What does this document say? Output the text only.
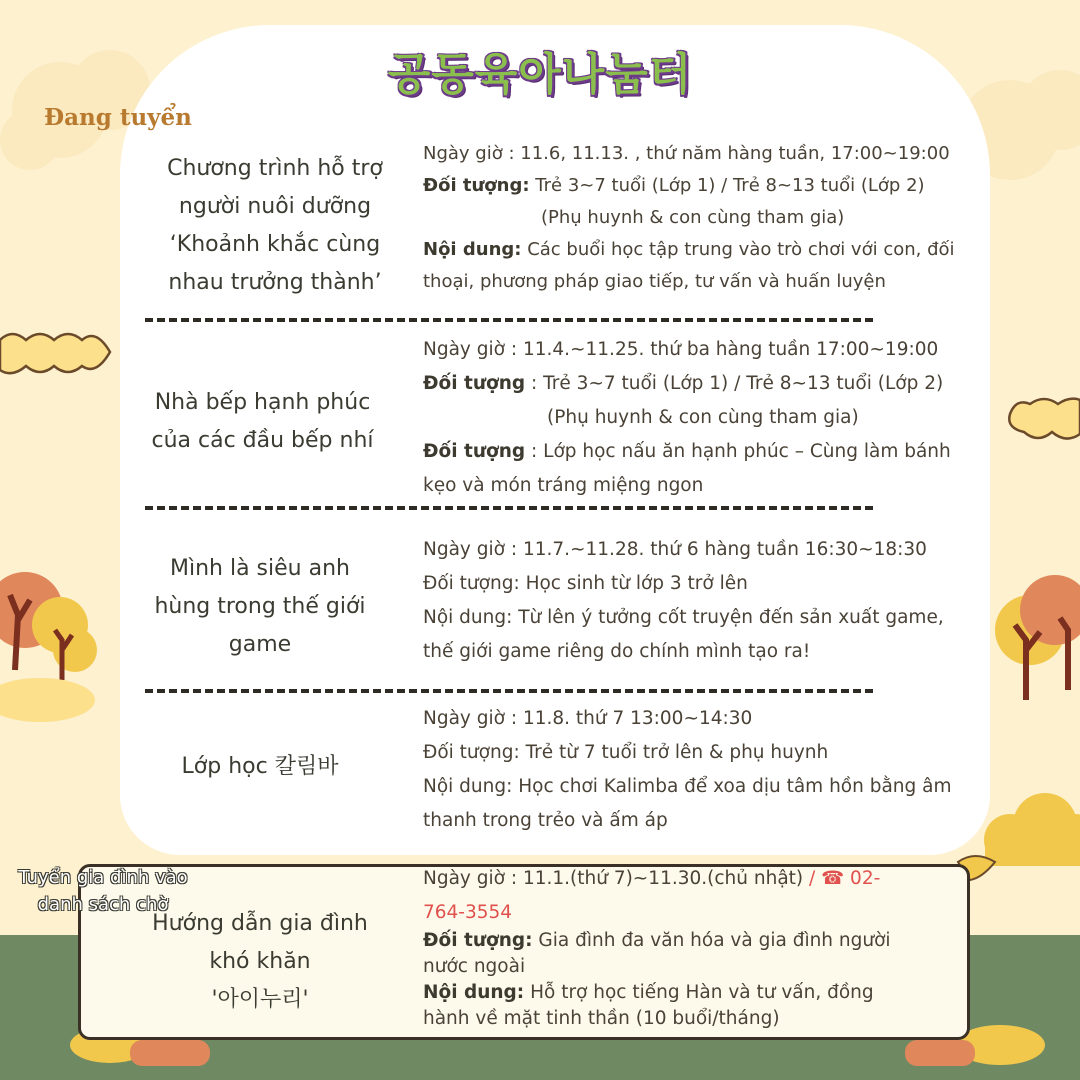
공동육아나눔터
Đang tuyển
Chương trình hỗ trợ
người nuôi dưỡng
‘Khoảnh khắc cùng
nhau trưởng thành’
Ngày giờ : 11.6, 11.13. , thứ năm hàng tuần, 17:00~19:00
Đối tượng: Trẻ 3~7 tuổi (Lớp 1) / Trẻ 8~13 tuổi (Lớp 2)
(Phụ huynh & con cùng tham gia)
Nội dung: Các buổi học tập trung vào trò chơi với con, đối
thoại, phương pháp giao tiếp, tư vấn và huấn luyện
Nhà bếp hạnh phúc
của các đầu bếp nhí
Ngày giờ : 11.4.~11.25. thứ ba hàng tuần 17:00~19:00
Đối tượng : Trẻ 3~7 tuổi (Lớp 1) / Trẻ 8~13 tuổi (Lớp 2)
(Phụ huynh & con cùng tham gia)
Đối tượng : Lớp học nấu ăn hạnh phúc – Cùng làm bánh
kẹo và món tráng miệng ngon
Mình là siêu anh
hùng trong thế giới
game
Ngày giờ : 11.7.~11.28. thứ 6 hàng tuần 16:30~18:30
Đối tượng: Học sinh từ lớp 3 trở lên
Nội dung: Từ lên ý tưởng cốt truyện đến sản xuất game,
thế giới game riêng do chính mình tạo ra!
Lớp học 칼림바
Ngày giờ : 11.8. thứ 7 13:00~14:30
Đối tượng: Trẻ từ 7 tuổi trở lên & phụ huynh
Nội dung: Học chơi Kalimba để xoa dịu tâm hồn bằng âm
thanh trong trẻo và ấm áp
Hướng dẫn gia đình
khó khăn
'아이누리'
Ngày giờ : 11.1.(thứ 7)~11.30.(chủ nhật) / ☎ 02-
764-3554
Đối tượng: Gia đình đa văn hóa và gia đình người
nước ngoài
Nội dung: Hỗ trợ học tiếng Hàn và tư vấn, đồng
hành về mặt tinh thần (10 buổi/tháng)
Tuyển gia đình vào
danh sách chờ
